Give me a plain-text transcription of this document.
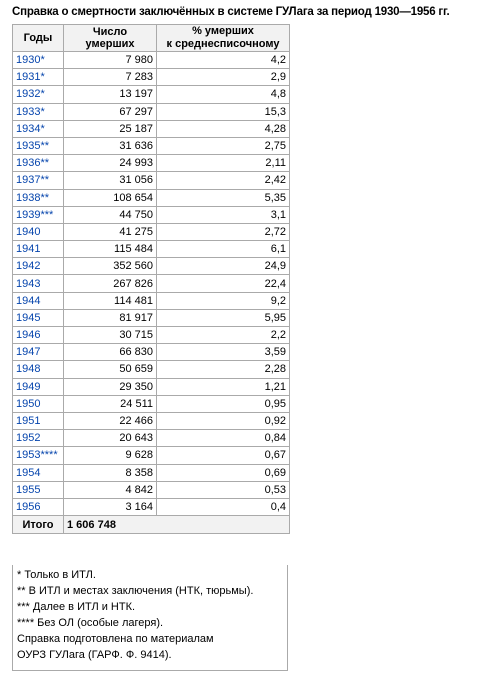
Справка о смертности заключённых в системе ГУЛага за период 1930—1956 гг.
Годы	Число умерших	% умерших
к среднесписочному
1930*	7 980	4,2
1931*	7 283	2,9
1932*	13 197	4,8
1933*	67 297	15,3
1934*	25 187	4,28
1935**	31 636	2,75
1936**	24 993	2,11
1937**	31 056	2,42
1938**	108 654	5,35
1939***	44 750	3,1
1940	41 275	2,72
1941	115 484	6,1
1942	352 560	24,9
1943	267 826	22,4
1944	114 481	9,2
1945	81 917	5,95
1946	30 715	2,2
1947	66 830	3,59
1948	50 659	2,28
1949	29 350	1,21
1950	24 511	0,95
1951	22 466	0,92
1952	20 643	0,84
1953****	9 628	0,67
1954	8 358	0,69
1955	4 842	0,53
1956	3 164	0,4
Итого	1 606 748	
* Только в ИТЛ.
** В ИТЛ и местах заключения (НТК, тюрьмы).
*** Далее в ИТЛ и НТК.
**** Без ОЛ (особые лагеря).
Справка подготовлена по материалам
ОУРЗ ГУЛага (ГАРФ. Ф. 9414).
